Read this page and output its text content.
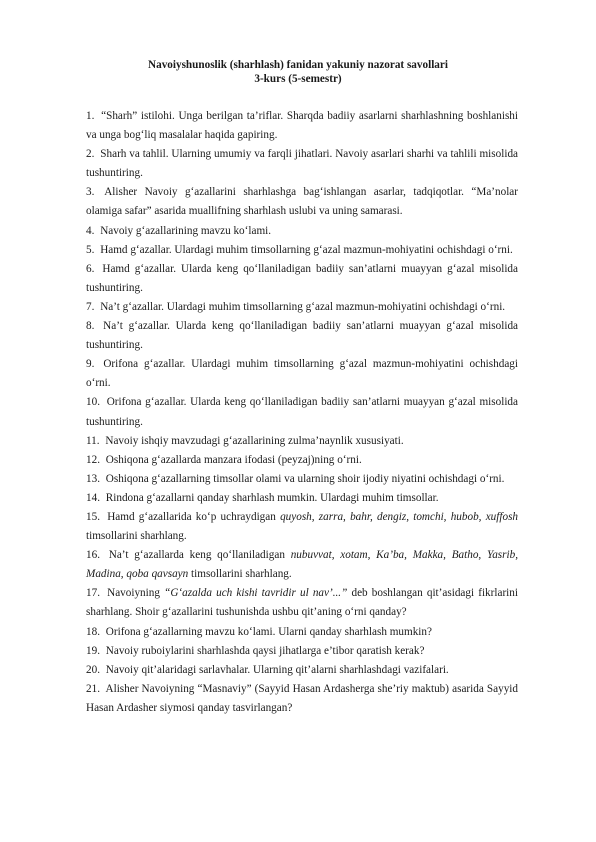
Navoiyshunoslik (sharhlash) fanidan yakuniy nazorat savollari
3-kurs (5-semestr)
1. “Sharh” istilohi. Unga berilgan ta’riflar. Sharqda badiiy asarlarni sharhlashning boshlanishi va unga bog‘liq masalalar haqida gapiring.
2. Sharh va tahlil. Ularning umumiy va farqli jihatlari. Navoiy asarlari sharhi va tahlili misolida tushuntiring.
3. Alisher Navoiy g‘azallarini sharhlashga bag‘ishlangan asarlar, tadqiqotlar. “Ma’nolar olamiga safar” asarida muallifning sharhlash uslubi va uning samarasi.
4. Navoiy g‘azallarining mavzu ko‘lami.
5. Hamd g‘azallar. Ulardagi muhim timsollarning g‘azal mazmun-mohiyatini ochishdagi o‘rni.
6. Hamd g‘azallar. Ularda keng qo‘llaniladigan badiiy san’atlarni muayyan g‘azal misolida tushuntiring.
7. Na’t g‘azallar. Ulardagi muhim timsollarning g‘azal mazmun-mohiyatini ochishdagi o‘rni.
8. Na’t g‘azallar. Ularda keng qo‘llaniladigan badiiy san’atlarni muayyan g‘azal misolida tushuntiring.
9. Orifona g‘azallar. Ulardagi muhim timsollarning g‘azal mazmun-mohiyatini ochishdagi o‘rni.
10. Orifona g‘azallar. Ularda keng qo‘llaniladigan badiiy san’atlarni muayyan g‘azal misolida tushuntiring.
11. Navoiy ishqiy mavzudagi g‘azallarining zulma’naynlik xususiyati.
12. Oshiqona g‘azallarda manzara ifodasi (peyzaj)ning o‘rni.
13. Oshiqona g‘azallarning timsollar olami va ularning shoir ijodiy niyatini ochishdagi o‘rni.
14. Rindona g‘azallarni qanday sharhlash mumkin. Ulardagi muhim timsollar.
15. Hamd g‘azallarida ko‘p uchraydigan quyosh, zarra, bahr, dengiz, tomchi, hubob, xuffosh timsollarini sharhlang.
16. Na’t g‘azallarda keng qo‘llaniladigan nubuvvat, xotam, Ka’ba, Makka, Batho, Yasrib, Madina, qoba qavsayn timsollarini sharhlang.
17. Navoiyning “G‘azalda uch kishi tavridir ul nav’...” deb boshlangan qit’asidagi fikrlarini sharhlang. Shoir g‘azallarini tushunishda ushbu qit’aning o‘rni qanday?
18. Orifona g‘azallarning mavzu ko‘lami. Ularni qanday sharhlash mumkin?
19. Navoiy ruboiylarini sharhlashda qaysi jihatlarga e’tibor qaratish kerak?
20. Navoiy qit’alaridagi sarlavhalar. Ularning qit’alarni sharhlashdagi vazifalari.
21. Alisher Navoiyning “Masnaviy” (Sayyid Hasan Ardasherga she’riy maktub) asarida Sayyid Hasan Ardasher siymosi qanday tasvirlangan?
